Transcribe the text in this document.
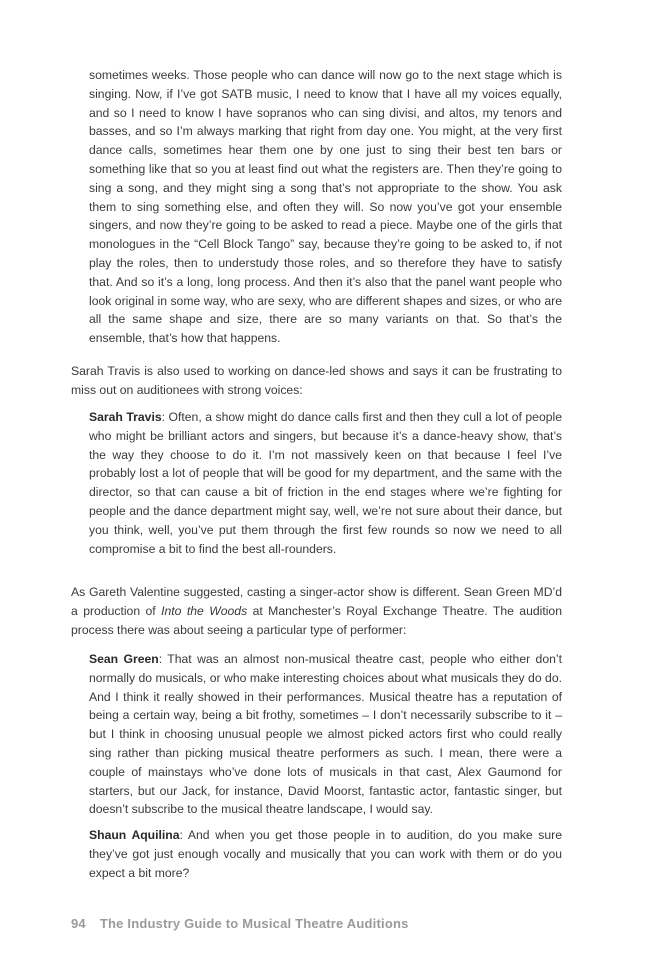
sometimes weeks. Those people who can dance will now go to the next stage which is singing. Now, if I’ve got SATB music, I need to know that I have all my voices equally, and so I need to know I have sopranos who can sing divisi, and altos, my tenors and basses, and so I’m always marking that right from day one. You might, at the very first dance calls, sometimes hear them one by one just to sing their best ten bars or something like that so you at least find out what the registers are. Then they’re going to sing a song, and they might sing a song that’s not appropriate to the show. You ask them to sing something else, and often they will. So now you’ve got your ensemble singers, and now they’re going to be asked to read a piece. Maybe one of the girls that monologues in the “Cell Block Tango” say, because they’re going to be asked to, if not play the roles, then to understudy those roles, and so therefore they have to satisfy that. And so it’s a long, long process. And then it’s also that the panel want people who look original in some way, who are sexy, who are different shapes and sizes, or who are all the same shape and size, there are so many variants on that. So that’s the ensemble, that’s how that happens.

Sarah Travis is also used to working on dance-led shows and says it can be frustrating to miss out on auditionees with strong voices:

Sarah Travis: Often, a show might do dance calls first and then they cull a lot of people who might be brilliant actors and singers, but because it’s a dance-heavy show, that’s the way they choose to do it. I’m not massively keen on that because I feel I’ve probably lost a lot of people that will be good for my department, and the same with the director, so that can cause a bit of friction in the end stages where we’re fighting for people and the dance department might say, well, we’re not sure about their dance, but you think, well, you’ve put them through the first few rounds so now we need to all compromise a bit to find the best all-rounders.

As Gareth Valentine suggested, casting a singer-actor show is different. Sean Green MD’d a production of Into the Woods at Manchester’s Royal Exchange Theatre. The audition process there was about seeing a particular type of performer:

Sean Green: That was an almost non-musical theatre cast, people who either don’t normally do musicals, or who make interesting choices about what musicals they do do. And I think it really showed in their performances. Musical theatre has a reputation of being a certain way, being a bit frothy, sometimes – I don’t necessarily subscribe to it – but I think in choosing unusual people we almost picked actors first who could really sing rather than picking musical theatre performers as such. I mean, there were a couple of mainstays who’ve done lots of musicals in that cast, Alex Gaumond for starters, but our Jack, for instance, David Moorst, fantastic actor, fantastic singer, but doesn’t subscribe to the musical theatre landscape, I would say.

Shaun Aquilina: And when you get those people in to audition, do you make sure they’ve got just enough vocally and musically that you can work with them or do you expect a bit more?

94 The Industry Guide to Musical Theatre Auditions
